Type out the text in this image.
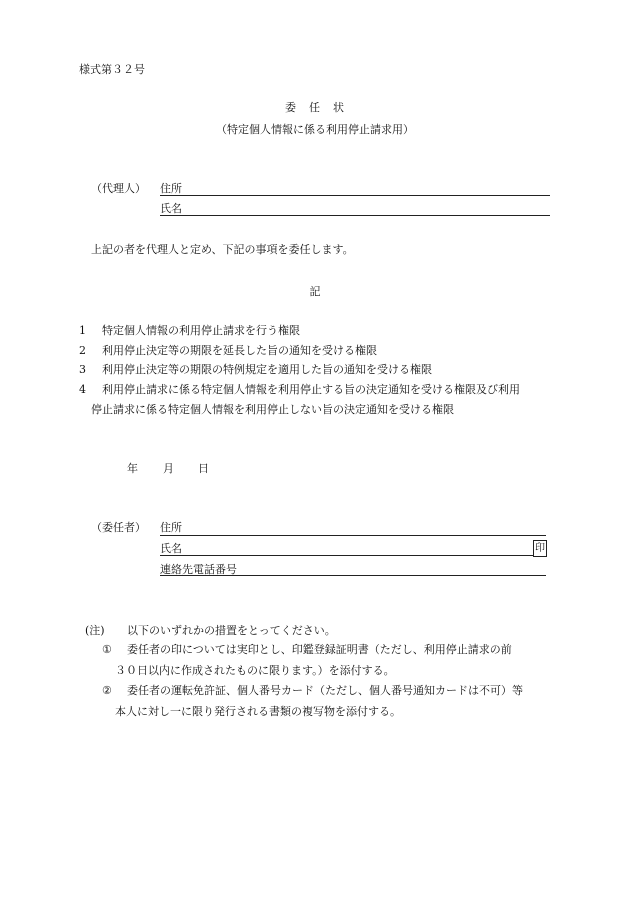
様式第３２号
委　任　状
（特定個人情報に係る利用停止請求用）
（代理人） 住所
氏名
上記の者を代理人と定め、下記の事項を委任します。
記
1 特定個人情報の利用停止請求を行う権限
2 利用停止決定等の期限を延長した旨の通知を受ける権限
3 利用停止決定等の期限の特例規定を適用した旨の通知を受ける権限
4 利用停止請求に係る特定個人情報を利用停止する旨の決定通知を受ける権限及び利用
停止請求に係る特定個人情報を利用停止しない旨の決定通知を受ける権限
年 月 日
（委任者） 住所
氏名	印
連絡先電話番号
(注) 以下のいずれかの措置をとってください。
① 委任者の印については実印とし、印鑑登録証明書（ただし、利用停止請求の前
３０日以内に作成されたものに限ります。）を添付する。
② 委任者の運転免許証、個人番号カード（ただし、個人番号通知カードは不可）等
本人に対し一に限り発行される書類の複写物を添付する。
